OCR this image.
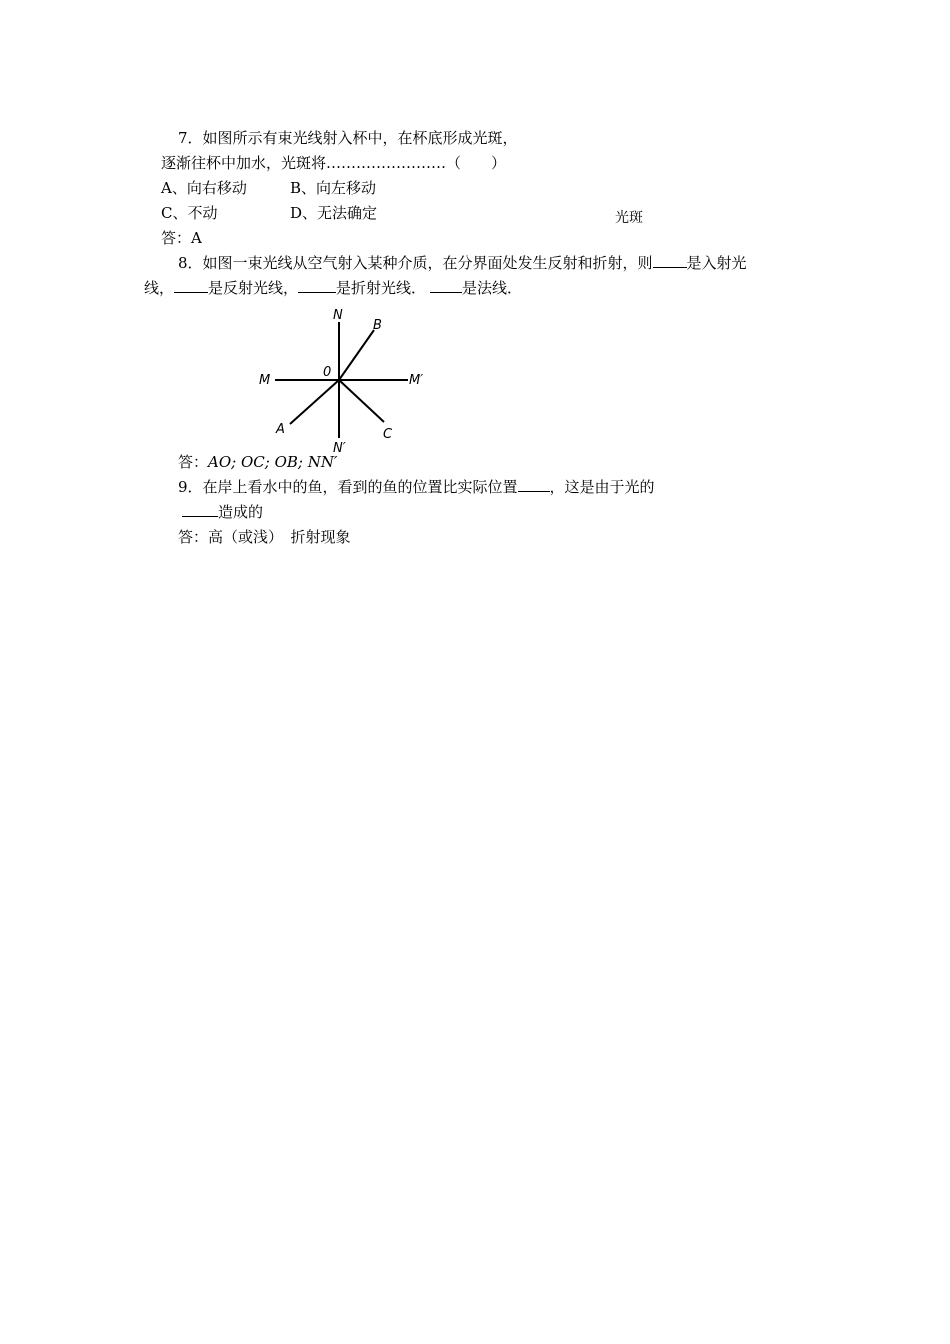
7．如图所示有束光线射入杯中，在杯底形成光斑，
逐渐往杯中加水，光斑将……………………（　　）
A、向右移动	B、向左移动
C、不动	D、无法确定	光斑
答：A
8．如图一束光线从空气射入某种介质，在分界面处发生反射和折射，则 是入射光
线， 是反射光线，	是折射光线． 是法线．
N
B
M
0
M′
A	C
N′
答：AO; OC; OB; NN′
9．在岸上看水中的鱼，看到的鱼的位置比实际位置 ，这是由于光的
造成的
答：高（或浅）　折射现象
